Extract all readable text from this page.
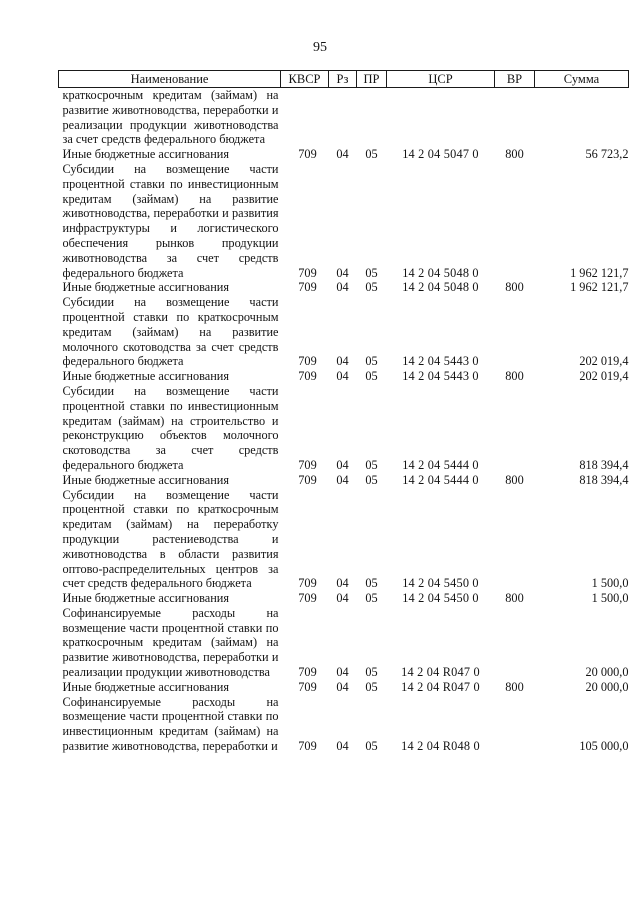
95
Наименование	КВСР	Рз	ПР	ЦСР	ВР	Сумма
краткосрочным кредитам (займам) на развитие животноводства, переработки и реализации продукции животноводства за счет средств федерального бюджета						
Иные бюджетные ассигнования	709	04	05	14 2 04 5047 0	800	56 723,2
Субсидии на возмещение части процентной ставки по инвестиционным кредитам (займам) на развитие животноводства, переработки и развития инфраструктуры и логистического обеспечения рынков продукции животноводства за счет средств федерального бюджета	709	04	05	14 2 04 5048 0		1 962 121,7
Иные бюджетные ассигнования	709	04	05	14 2 04 5048 0	800	1 962 121,7
Субсидии на возмещение части процентной ставки по краткосрочным кредитам (займам) на развитие молочного скотоводства за счет средств федерального бюджета	709	04	05	14 2 04 5443 0		202 019,4
Иные бюджетные ассигнования	709	04	05	14 2 04 5443 0	800	202 019,4
Субсидии на возмещение части процентной ставки по инвестиционным кредитам (займам) на строительство и реконструкцию объектов молочного скотоводства за счет средств федерального бюджета	709	04	05	14 2 04 5444 0		818 394,4
Иные бюджетные ассигнования	709	04	05	14 2 04 5444 0	800	818 394,4
Субсидии на возмещение части процентной ставки по краткосрочным кредитам (займам) на переработку продукции растениеводства и животноводства в области развития оптово-распределительных центров за счет средств федерального бюджета	709	04	05	14 2 04 5450 0		1 500,0
Иные бюджетные ассигнования	709	04	05	14 2 04 5450 0	800	1 500,0
Софинансируемые расходы на возмещение части процентной ставки по краткосрочным кредитам (займам) на развитие животноводства, переработки и реализации продукции животноводства	709	04	05	14 2 04 R047 0		20 000,0
Иные бюджетные ассигнования	709	04	05	14 2 04 R047 0	800	20 000,0
Софинансируемые расходы на возмещение части процентной ставки по инвестиционным кредитам (займам) на развитие животноводства, переработки и	709	04	05	14 2 04 R048 0		105 000,0
